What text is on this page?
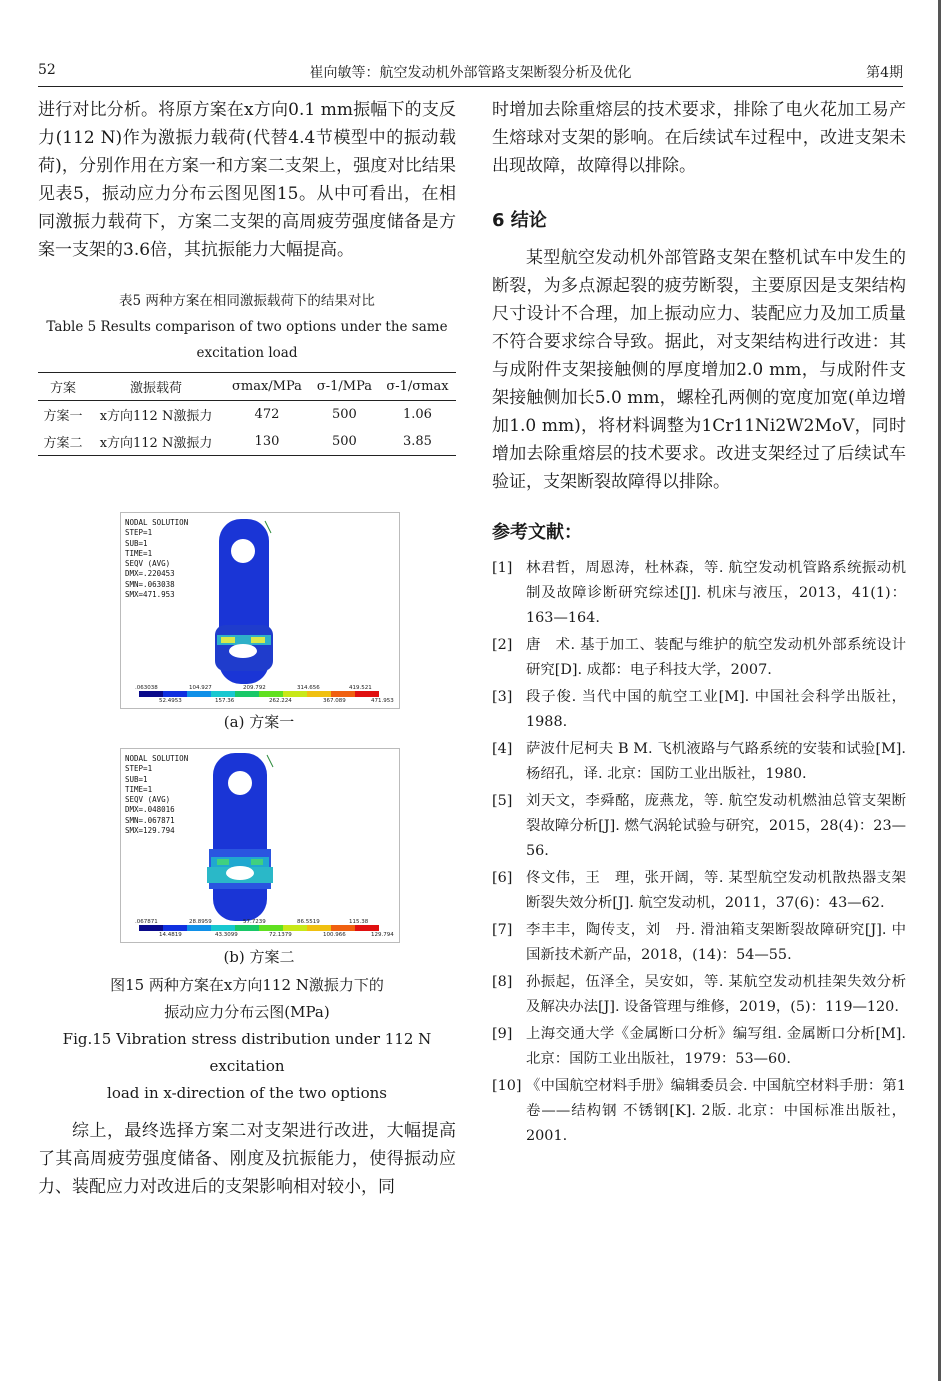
52	崔向敏等：航空发动机外部管路支架断裂分析及优化	第4期

进行对比分析。将原方案在x方向0.1 mm振幅下的支反力(112 N)作为激振力载荷(代替4.4节模型中的振动载荷)，分别作用在方案一和方案二支架上，强度对比结果见表5，振动应力分布云图见图15。从中可看出，在相同激振力载荷下，方案二支架的高周疲劳强度储备是方案一支架的3.6倍，其抗振能力大幅提高。

表5 两种方案在相同激振载荷下的结果对比
Table 5 Results comparison of two options under the same
excitation load
方案	激振载荷	σmax/MPa	σ-1/MPa	σ-1/σmax
方案一	x方向112 N激振力	472	500	1.06
方案二	x方向112 N激振力	130	500	3.85
NODAL SOLUTION
STEP=1
SUB=1
TIME=1
SEQV (AVG)
DMX=.220453
SMN=.063038
SMX=471.953
.063038	104.927	209.792	314.656	419.521
52.4953	157.36	262.224	367.089	471.953
(a) 方案一
NODAL SOLUTION
STEP=1
SUB=1
TIME=1
SEQV (AVG)
DMX=.048016
SMN=.067871
SMX=129.794
.067871	28.8959	57.7239	86.5519	115.38
14.4819	43.3099	72.1379	100.966	129.794
(b) 方案二
图15 两种方案在x方向112 N激振力下的
振动应力分布云图(MPa)
Fig.15 Vibration stress distribution under 112 N excitation
load in x-direction of the two options

综上，最终选择方案二对支架进行改进，大幅提高了其高周疲劳强度储备、刚度及抗振能力，使得振动应力、装配应力对改进后的支架影响相对较小，同

时增加去除重熔层的技术要求，排除了电火花加工易产生熔球对支架的影响。在后续试车过程中，改进支架未出现故障，故障得以排除。

6 结论

某型航空发动机外部管路支架在整机试车中发生的断裂，为多点源起裂的疲劳断裂，主要原因是支架结构尺寸设计不合理，加上振动应力、装配应力及加工质量不符合要求综合导致。据此，对支架结构进行改进：其与成附件支架接触侧的厚度增加2.0 mm，与成附件支架接触侧加长5.0 mm，螺栓孔两侧的宽度加宽(单边增加1.0 mm)，将材料调整为1Cr11Ni2W2MoV，同时增加去除重熔层的技术要求。改进支架经过了后续试车验证，支架断裂故障得以排除。

参考文献：
[1] 林君哲，周恩涛，杜林森，等. 航空发动机管路系统振动机制及故障诊断研究综述[J]. 机床与液压，2013，41(1)：163—164.
[2] 唐　术. 基于加工、装配与维护的航空发动机外部系统设计研究[D]. 成都：电子科技大学，2007.
[3] 段子俊. 当代中国的航空工业[M]. 中国社会科学出版社，1988.
[4] 萨波什尼柯夫 B M. 飞机液路与气路系统的安装和试验[M]. 杨绍孔，译. 北京：国防工业出版社，1980.
[5] 刘天文，李舜酩，庞燕龙，等. 航空发动机燃油总管支架断裂故障分析[J]. 燃气涡轮试验与研究，2015，28(4)：23—56.
[6] 佟文伟，王　理，张开阔，等. 某型航空发动机散热器支架断裂失效分析[J]. 航空发动机，2011，37(6)：43—62.
[7] 李丰丰，陶传支，刘　丹. 滑油箱支架断裂故障研究[J]. 中国新技术新产品，2018，(14)：54—55.
[8] 孙振起，伍泽全，吴安如，等. 某航空发动机挂架失效分析及解决办法[J]. 设备管理与维修，2019，(5)：119—120.
[9] 上海交通大学《金属断口分析》编写组. 金属断口分析[M]. 北京：国防工业出版社，1979：53—60.
[10] 《中国航空材料手册》编辑委员会. 中国航空材料手册：第1卷——结构钢 不锈钢[K]. 2版. 北京：中国标准出版社，2001.
